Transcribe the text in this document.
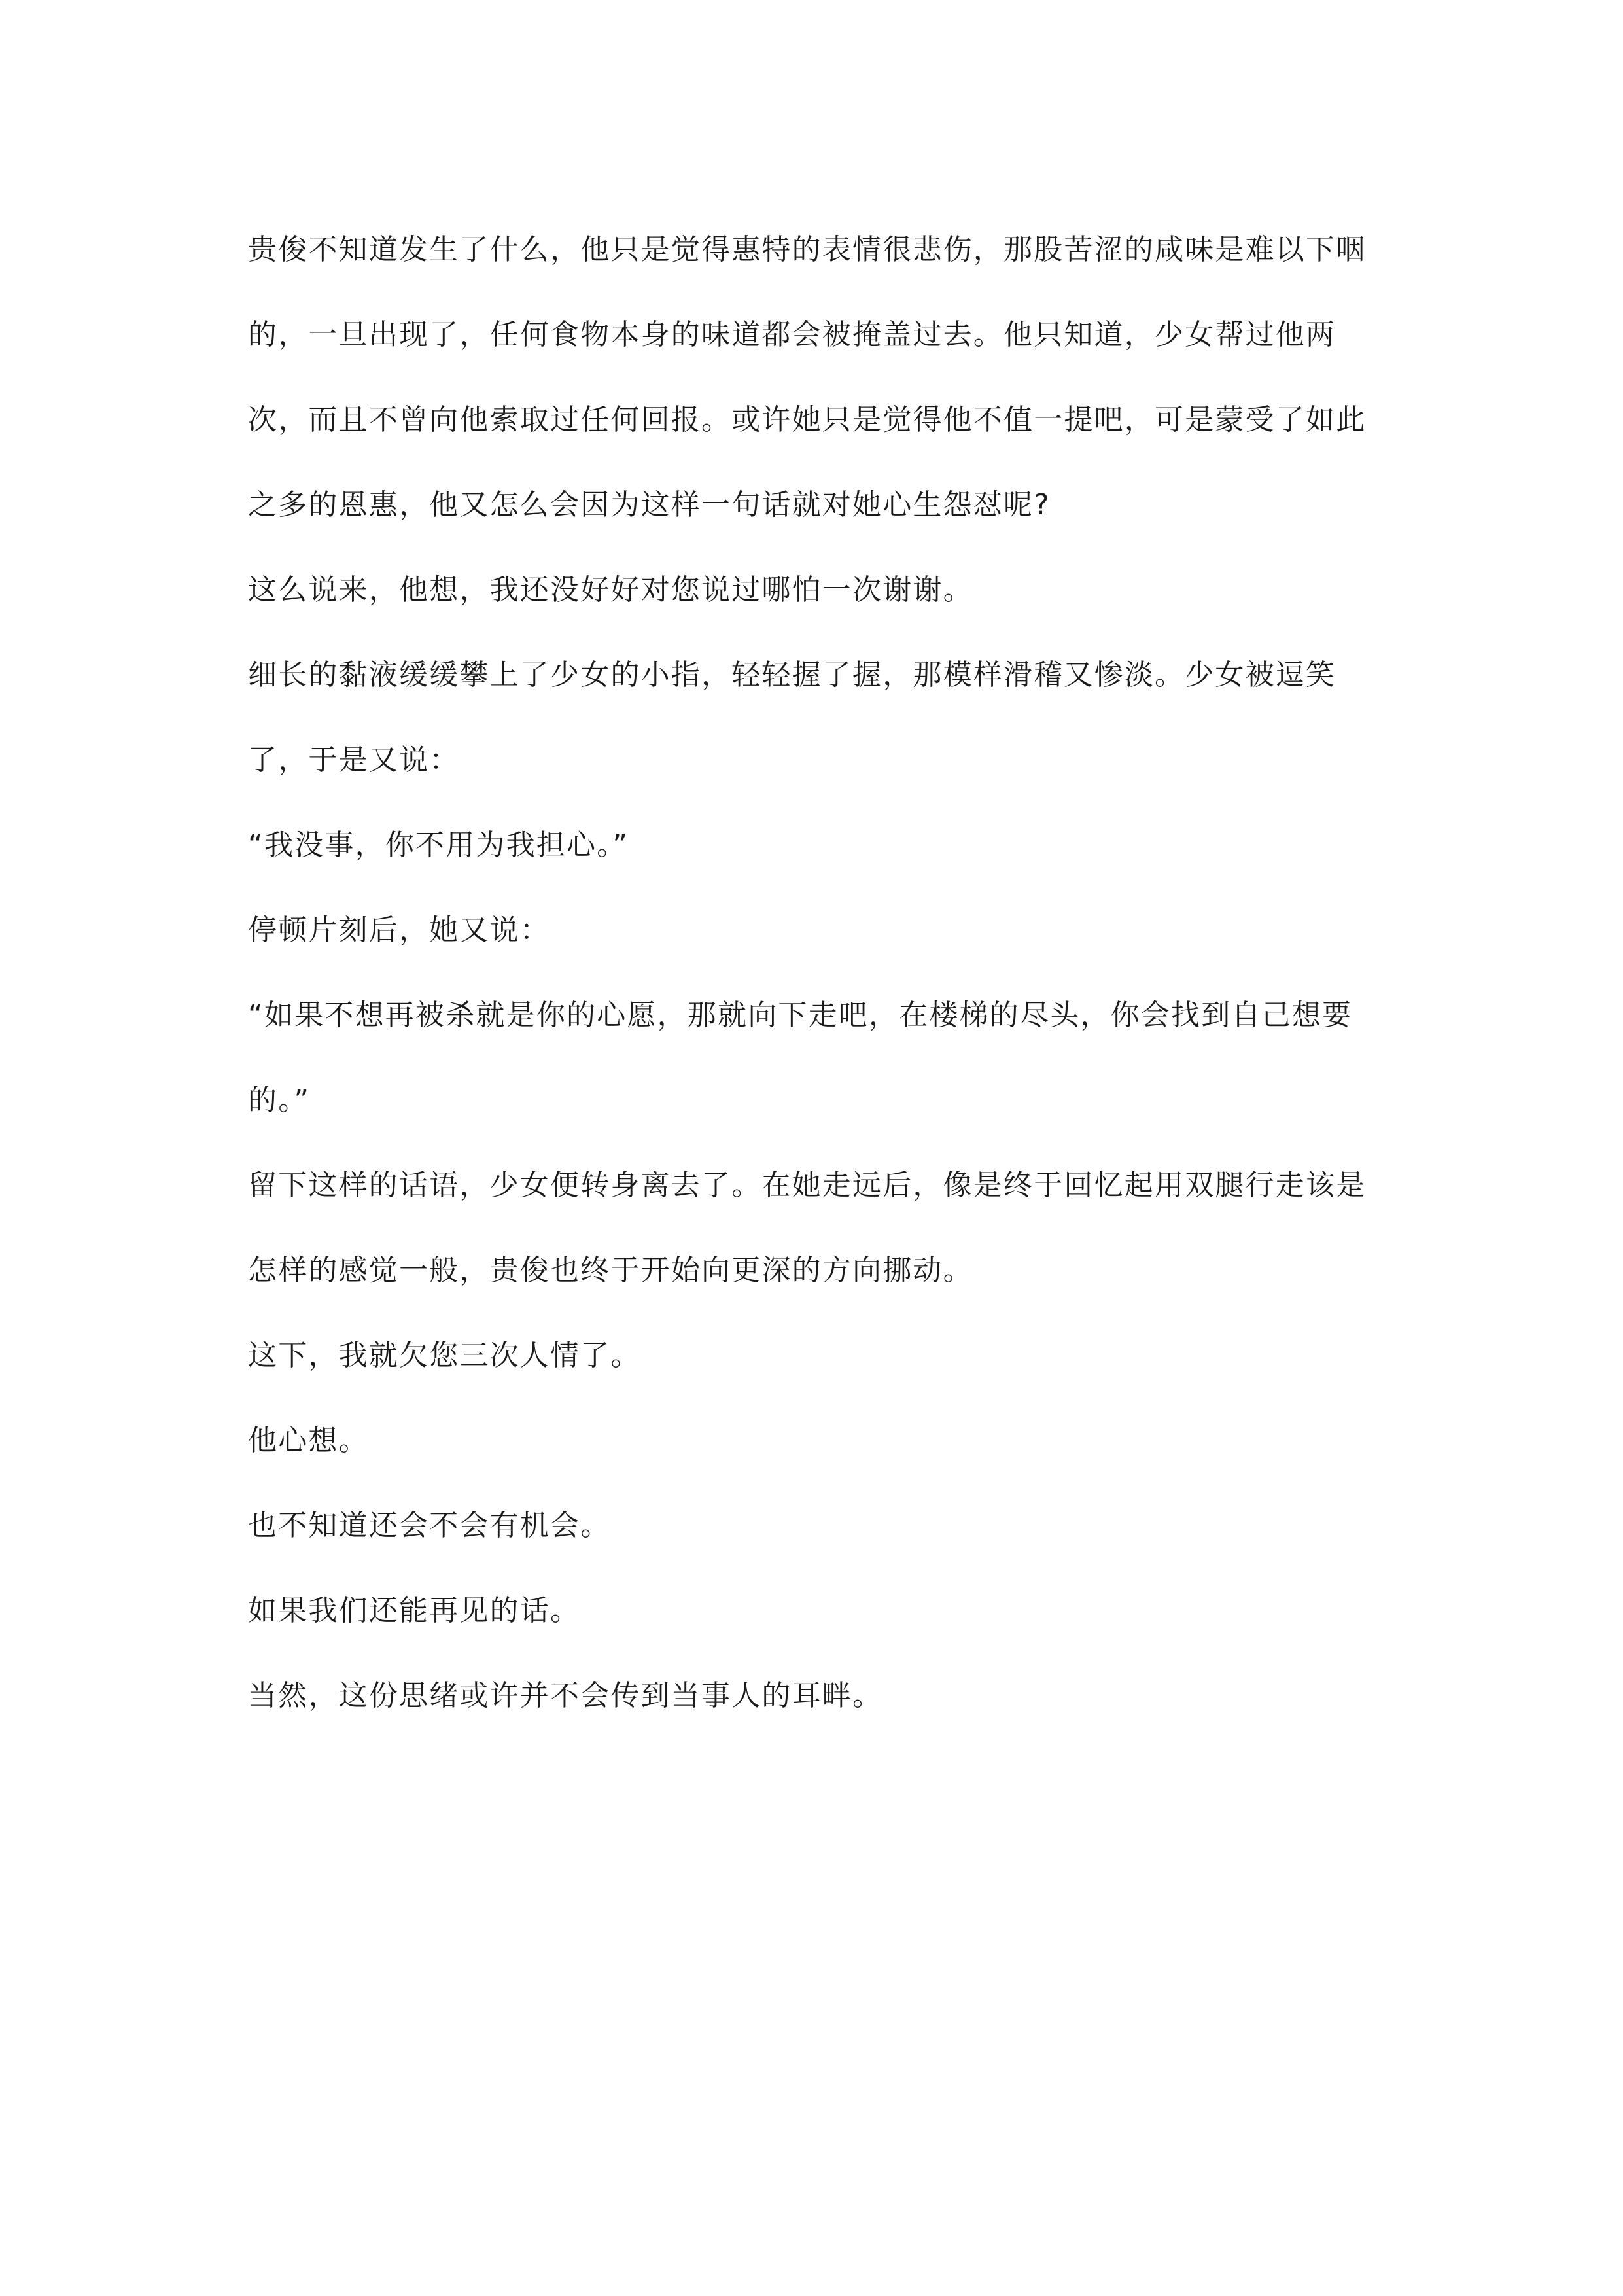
贵俊不知道发生了什么，他只是觉得惠特的表情很悲伤，那股苦涩的咸味是难以下咽的，一旦出现了，任何食物本身的味道都会被掩盖过去。他只知道，少女帮过他两次，而且不曾向他索取过任何回报。或许她只是觉得他不值一提吧，可是蒙受了如此之多的恩惠，他又怎么会因为这样一句话就对她心生怨怼呢?

这么说来，他想，我还没好好对您说过哪怕一次谢谢。

细长的黏液缓缓攀上了少女的小指，轻轻握了握，那模样滑稽又惨淡。少女被逗笑了，于是又说：

“我没事，你不用为我担心。”

停顿片刻后，她又说：

“如果不想再被杀就是你的心愿，那就向下走吧，在楼梯的尽头，你会找到自己想要的。”

留下这样的话语，少女便转身离去了。在她走远后，像是终于回忆起用双腿行走该是怎样的感觉一般，贵俊也终于开始向更深的方向挪动。

这下，我就欠您三次人情了。

他心想。

也不知道还会不会有机会。

如果我们还能再见的话。

当然，这份思绪或许并不会传到当事人的耳畔。
